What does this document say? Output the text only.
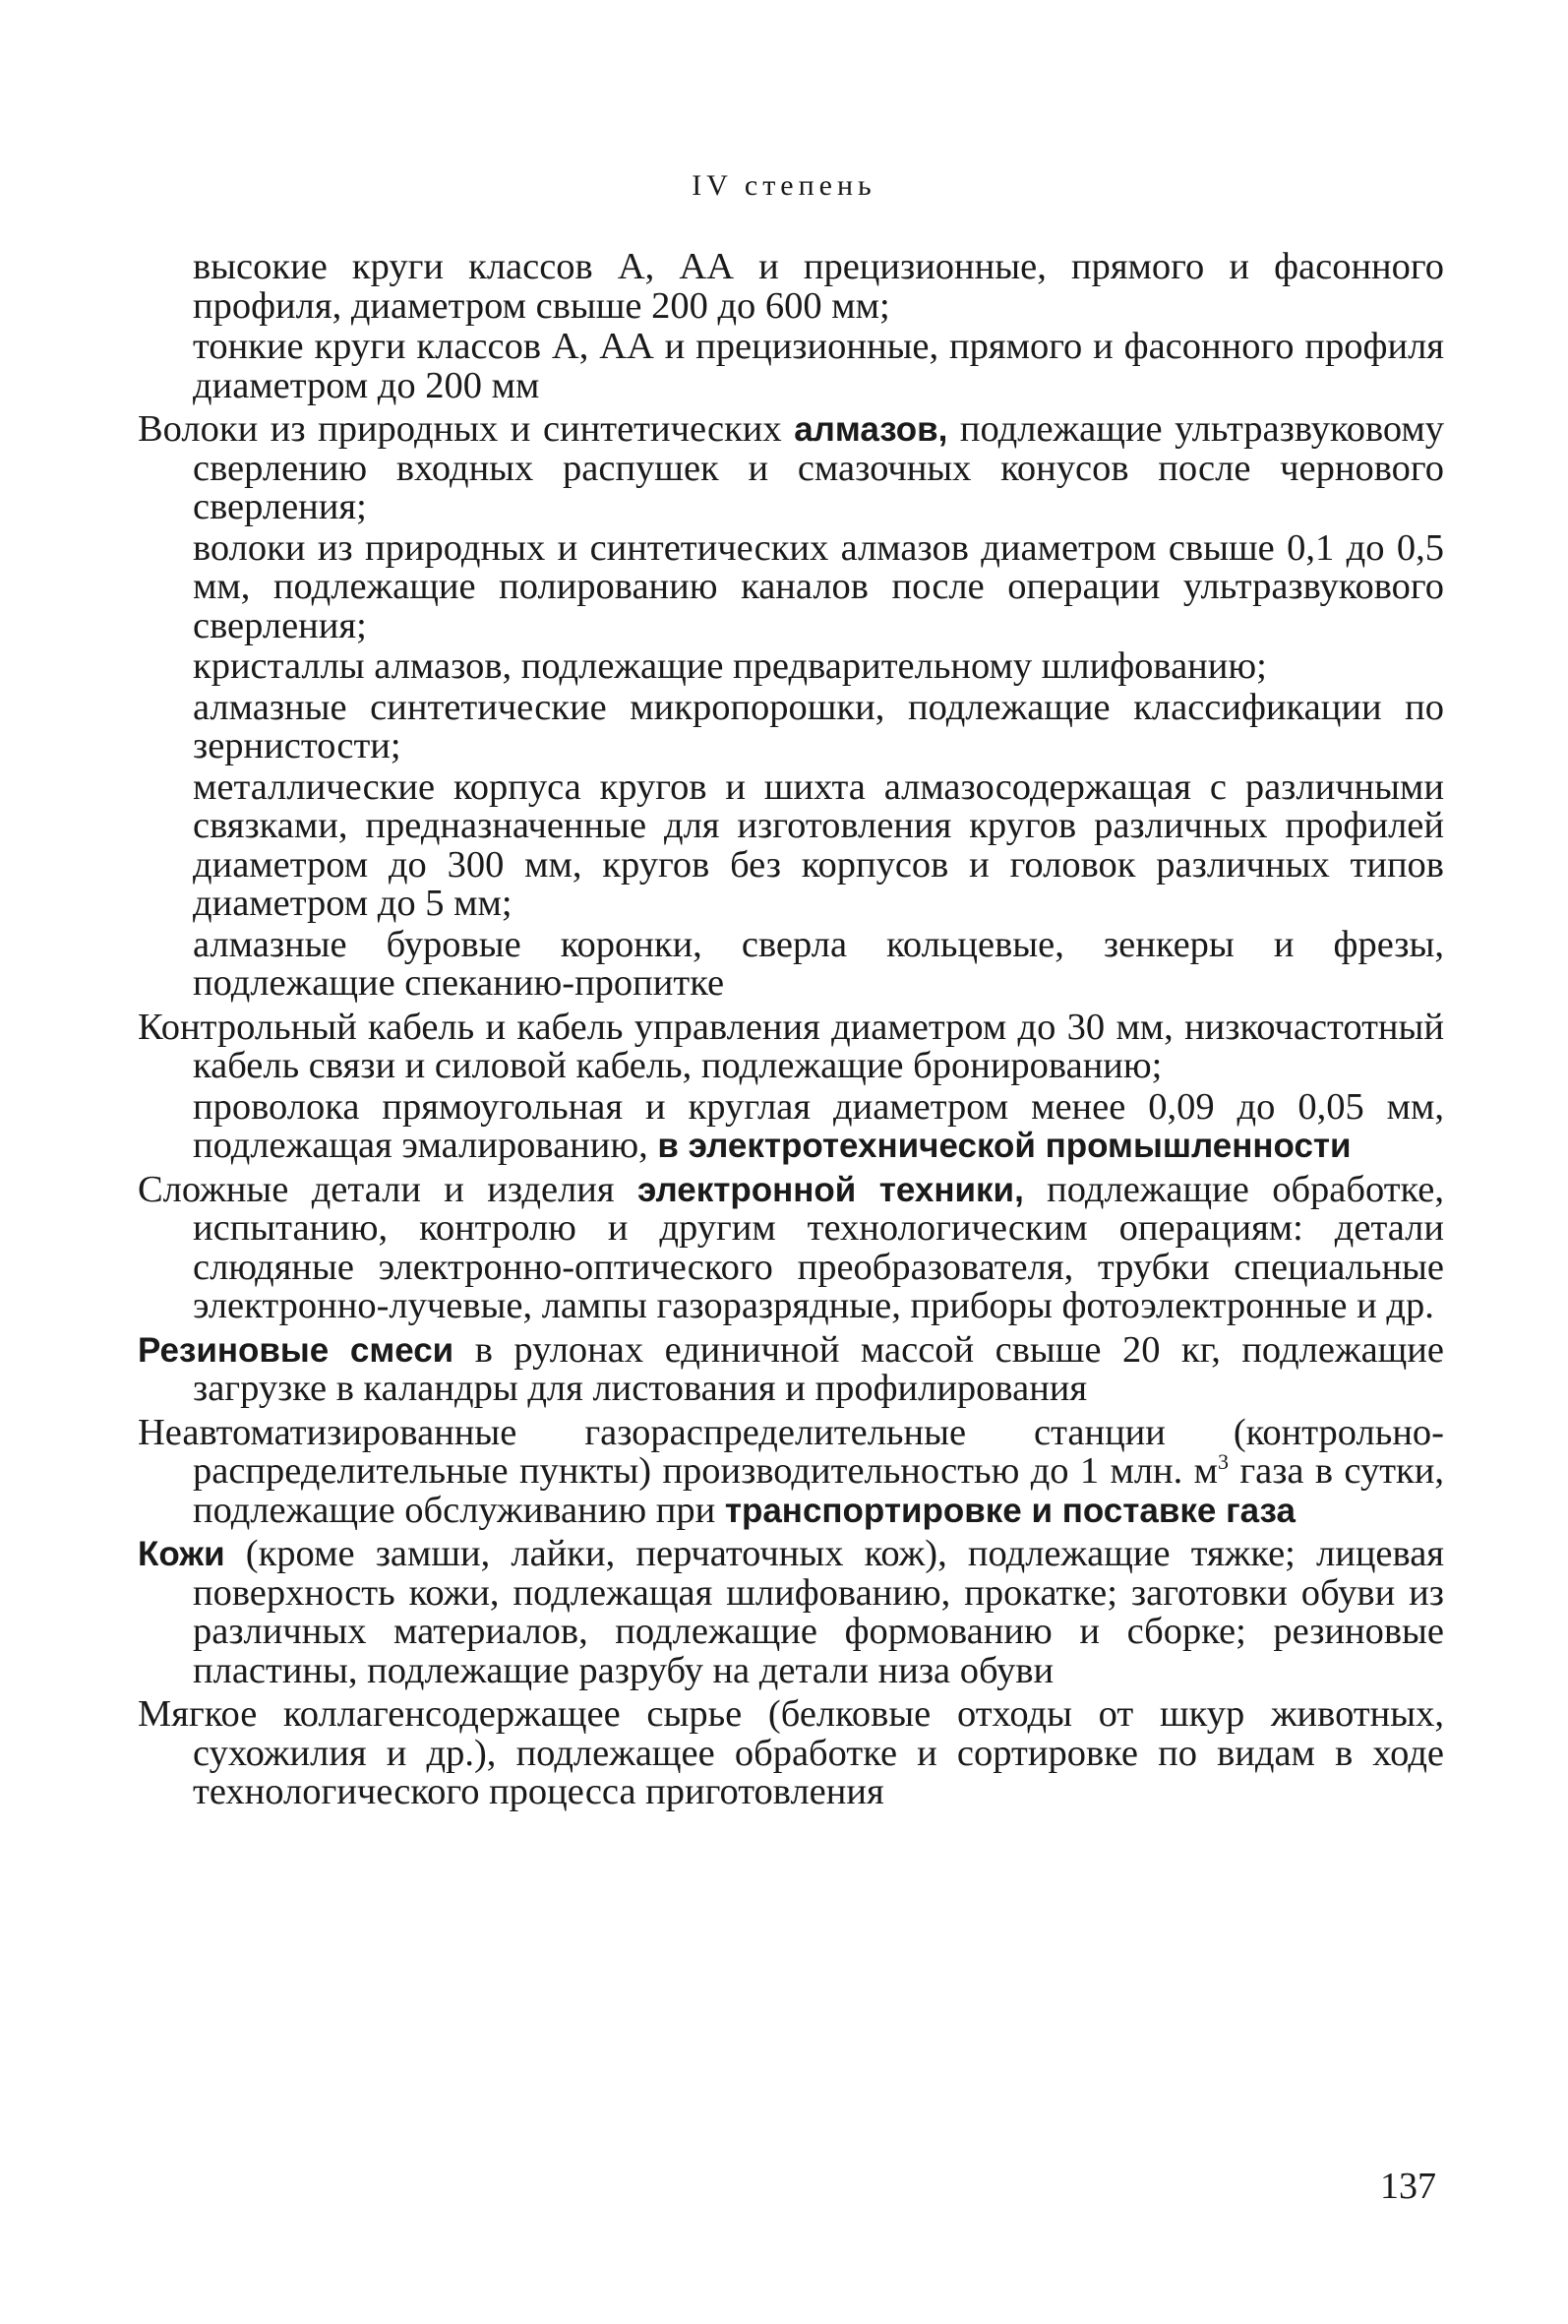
IV степень

высокие круги классов А, АА и прецизионные, прямого и фасонного профиля, диаметром свыше 200 до 600 мм;

тонкие круги классов А, АА и прецизионные, прямого и фасонного профиля диаметром до 200 мм

Волоки из природных и синтетических алмазов, подлежащие ультразвуковому сверлению входных распушек и смазочных конусов после чернового сверления;

волоки из природных и синтетических алмазов диаметром свыше 0,1 до 0,5 мм, подлежащие полированию каналов после операции ультразвукового сверления;

кристаллы алмазов, подлежащие предварительному шлифованию;

алмазные синтетические микропорошки, подлежащие классификации по зернистости;

металлические корпуса кругов и шихта алмазосодержащая с различными связками, предназначенные для изготовления кругов различных профилей диаметром до 300 мм, кругов без корпусов и головок различных типов диаметром до 5 мм;

алмазные буровые коронки, сверла кольцевые, зенкеры и фрезы, подлежащие спеканию-пропитке

Контрольный кабель и кабель управления диаметром до 30 мм, низкочастотный кабель связи и силовой кабель, подлежащие бронированию;

проволока прямоугольная и круглая диаметром менее 0,09 до 0,05 мм, подлежащая эмалированию, в электротехнической промышленности

Сложные детали и изделия электронной техники, подлежащие обработке, испытанию, контролю и другим технологическим операциям: детали слюдяные электронно-оптического преобразователя, трубки специальные электронно-лучевые, лампы газоразрядные, приборы фотоэлектронные и др.

Резиновые смеси в рулонах единичной массой свыше 20 кг, подлежащие загрузке в каландры для листования и профилирования

Неавтоматизированные газораспределительные станции (контрольно-распределительные пункты) производительностью до 1 млн. $м^3$ газа в сутки, подлежащие обслуживанию при транспортировке и поставке газа

Кожи (кроме замши, лайки, перчаточных кож), подлежащие тяжке; лицевая поверхность кожи, подлежащая шлифованию, прокатке; заготовки обуви из различных материалов, подлежащие формованию и сборке; резиновые пластины, подлежащие разрубу на детали низа обуви

Мягкое коллагенсодержащее сырье (белковые отходы от шкур животных, сухожилия и др.), подлежащее обработке и сортировке по видам в ходе технологического процесса приготовления

137
